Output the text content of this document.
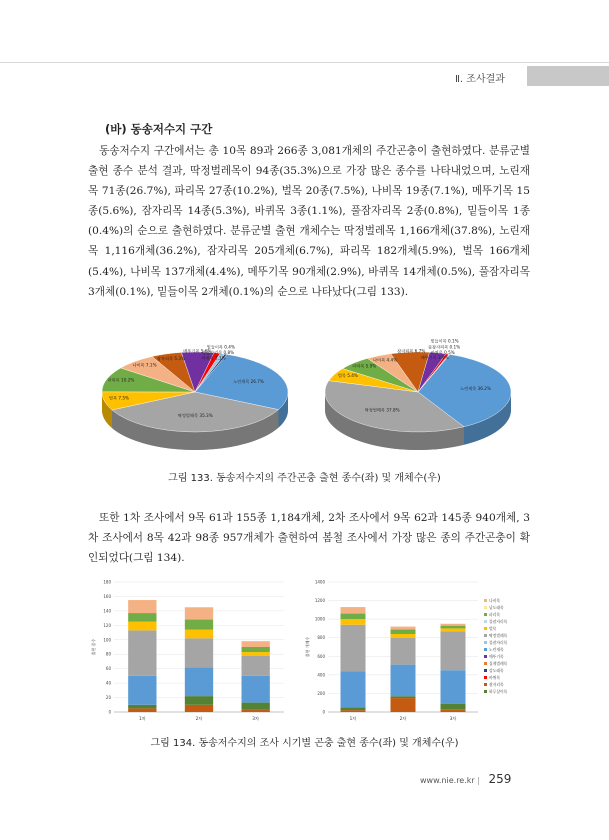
Ⅱ. 조사결과
(바) 동송저수지 구간

동송저수지 구간에서는 총 10목 89과 266종 3,081개체의 주간곤충이 출현하였다. 분류군별 출현 종수 분석 결과, 딱정벌레목이 94종(35.3%)으로 가장 많은 종수를 나타내었으며, 노린재목 71종(26.7%), 파리목 27종(10.2%), 벌목 20종(7.5%), 나비목 19종(7.1%), 메뚜기목 15종(5.6%), 잠자리목 14종(5.3%), 바퀴목 3종(1.1%), 풀잠자리목 2종(0.8%), 밑들이목 1종(0.4%)의 순으로 출현하였다. 분류군별 출현 개체수는 딱정벌레목 1,166개체(37.8%), 노린재목 1,116개체(36.2%), 잠자리목 205개체(6.7%), 파리목 182개체(5.9%), 벌목 166개체(5.4%), 나비목 137개체(4.4%), 메뚜기목 90개체(2.9%), 바퀴목 14개체(0.5%), 풀잠자리목 3개체(0.1%), 밑들이목 2개체(0.1%)의 순으로 나타났다(그림 133).

노린재목 26.7%
딱정벌레목 35.3%
벌목 7.5%
파리목 10.2%
나비목 7.1%
잠자리목 5.3%
메뚜기목 5.6%
바퀴목 1.1%
풀잠자리목 0.8%
밑들이목 0.4%
노린재목 36.2%
딱정벌레목 37.8%
벌목 5.4%
파리목 5.9%
나비목 4.4%
잠자리목 6.7%
메뚜기목 2.9%
바퀴목 0.5%
풀잠자리목 0.1%
밑들이목 0.1%
그림 133. 동송저수지의 주간곤충 출현 종수(좌) 및 개체수(우)

또한 1차 조사에서 9목 61과 155종 1,184개체, 2차 조사에서 9목 62과 145종 940개체, 3차 조사에서 8목 42과 98종 957개체가 출현하여 봄철 조사에서 가장 많은 종의 주간곤충이 확인되었다(그림 134).

0
20
40
60
80
100
120
140
160
180
출현 종수
1차	2차	3차
0
200
400
600
800
1000
1200
1400
출현 개체수
1차	2차	3차
나비목
날도래목
파리목
풀잠자리목
벌목
딱정벌레목
풀잠자리목
노린재목
메뚜기목
집게벌레목
강도래목
바퀴목
잠자리목
하루살이목
그림 134. 동송저수지의 조사 시기별 곤충 출현 종수(좌) 및 개체수(우)
www.nie.re.kr | 259
